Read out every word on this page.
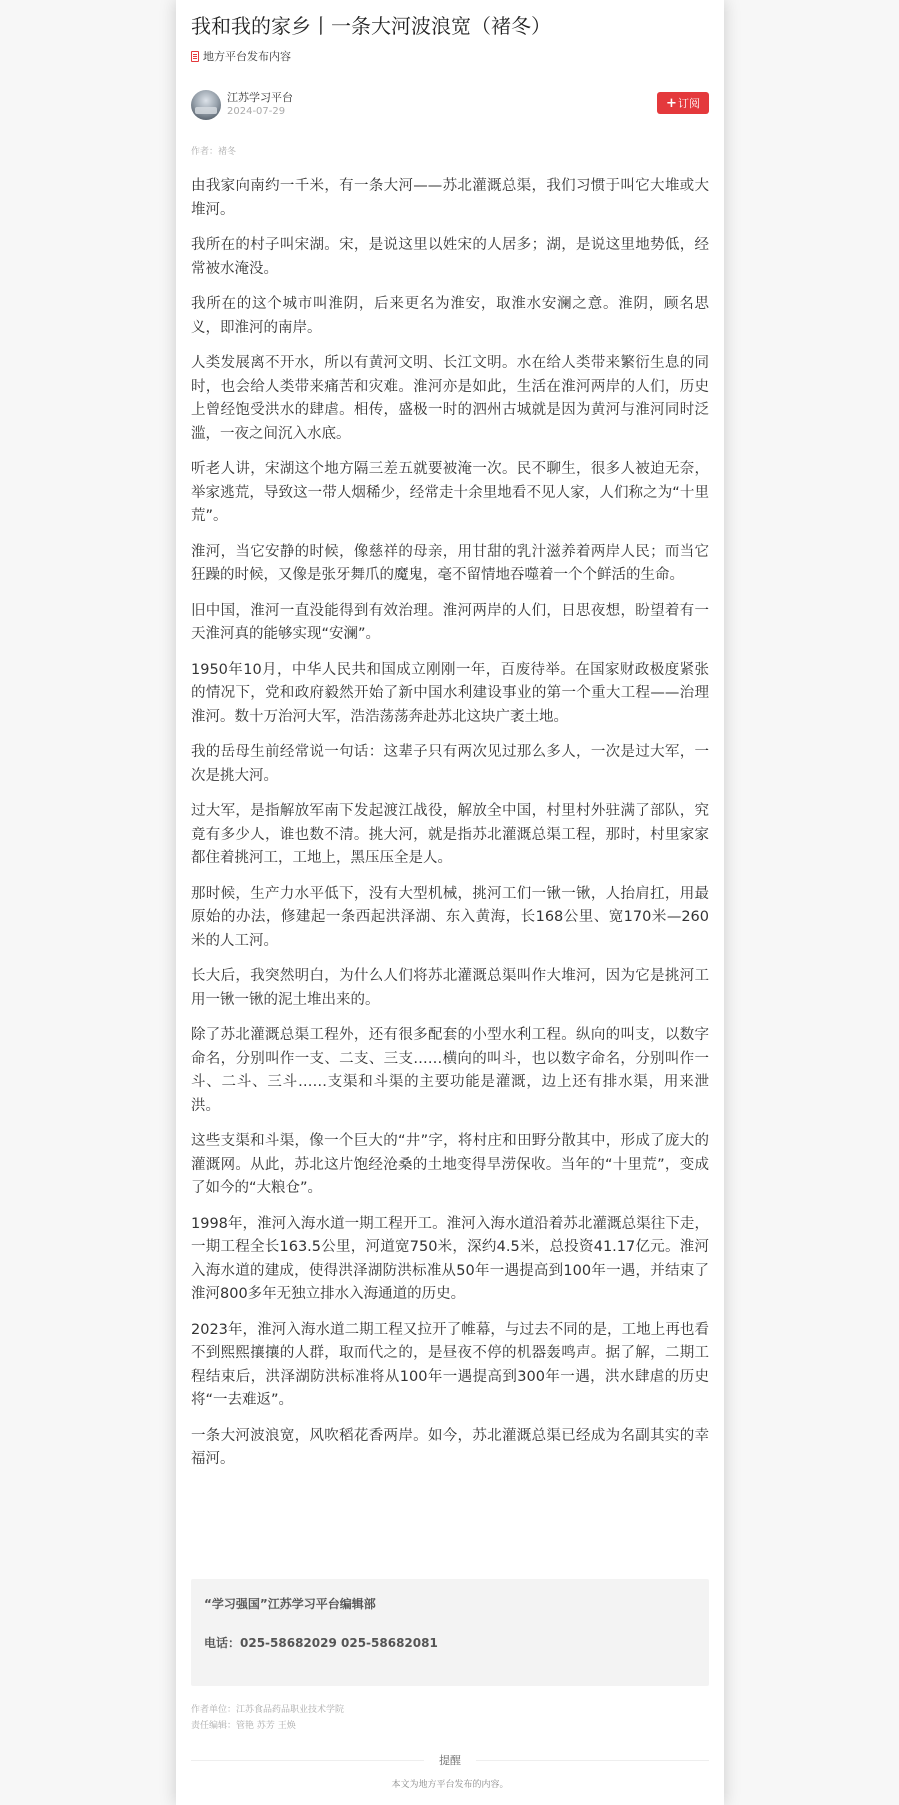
我和我的家乡丨一条大河波浪宽（褚冬）
地方平台发布内容
江苏学习平台
2024-07-29
+ 订阅
作者：褚冬

由我家向南约一千米，有一条大河——苏北灌溉总渠，我们习惯于叫它大堆或大堆河。

我所在的村子叫宋湖。宋，是说这里以姓宋的人居多；湖，是说这里地势低，经常被水淹没。

我所在的这个城市叫淮阴，后来更名为淮安，取淮水安澜之意。淮阴，顾名思义，即淮河的南岸。

人类发展离不开水，所以有黄河文明、长江文明。水在给人类带来繁衍生息的同时，也会给人类带来痛苦和灾难。淮河亦是如此，生活在淮河两岸的人们，历史上曾经饱受洪水的肆虐。相传，盛极一时的泗州古城就是因为黄河与淮河同时泛滥，一夜之间沉入水底。

听老人讲，宋湖这个地方隔三差五就要被淹一次。民不聊生，很多人被迫无奈，举家逃荒，导致这一带人烟稀少，经常走十余里地看不见人家，人们称之为“十里荒”。

淮河，当它安静的时候，像慈祥的母亲，用甘甜的乳汁滋养着两岸人民；而当它狂躁的时候，又像是张牙舞爪的魔鬼，毫不留情地吞噬着一个个鲜活的生命。

旧中国，淮河一直没能得到有效治理。淮河两岸的人们，日思夜想，盼望着有一天淮河真的能够实现“安澜”。

1950年10月，中华人民共和国成立刚刚一年，百废待举。在国家财政极度紧张的情况下，党和政府毅然开始了新中国水利建设事业的第一个重大工程——治理淮河。数十万治河大军，浩浩荡荡奔赴苏北这块广袤土地。

我的岳母生前经常说一句话：这辈子只有两次见过那么多人，一次是过大军，一次是挑大河。

过大军，是指解放军南下发起渡江战役，解放全中国，村里村外驻满了部队，究竟有多少人，谁也数不清。挑大河，就是指苏北灌溉总渠工程，那时，村里家家都住着挑河工，工地上，黑压压全是人。

那时候，生产力水平低下，没有大型机械，挑河工们一锹一锹，人抬肩扛，用最原始的办法，修建起一条西起洪泽湖、东入黄海，长168公里、宽170米—260米的人工河。

长大后，我突然明白，为什么人们将苏北灌溉总渠叫作大堆河，因为它是挑河工用一锹一锹的泥土堆出来的。

除了苏北灌溉总渠工程外，还有很多配套的小型水利工程。纵向的叫支，以数字命名，分别叫作一支、二支、三支……横向的叫斗，也以数字命名，分别叫作一斗、二斗、三斗……支渠和斗渠的主要功能是灌溉，边上还有排水渠，用来泄洪。

这些支渠和斗渠，像一个巨大的“井”字，将村庄和田野分散其中，形成了庞大的灌溉网。从此，苏北这片饱经沧桑的土地变得旱涝保收。当年的“十里荒”，变成了如今的“大粮仓”。

1998年，淮河入海水道一期工程开工。淮河入海水道沿着苏北灌溉总渠往下走，一期工程全长163.5公里，河道宽750米，深约4.5米，总投资41.17亿元。淮河入海水道的建成，使得洪泽湖防洪标准从50年一遇提高到100年一遇，并结束了淮河800多年无独立排水入海通道的历史。

2023年，淮河入海水道二期工程又拉开了帷幕，与过去不同的是，工地上再也看不到熙熙攘攘的人群，取而代之的，是昼夜不停的机器轰鸣声。据了解，二期工程结束后，洪泽湖防洪标准将从100年一遇提高到300年一遇，洪水肆虐的历史将“一去难返”。

一条大河波浪宽，风吹稻花香两岸。如今，苏北灌溉总渠已经成为名副其实的幸福河。

“学习强国”江苏学习平台编辑部
电话：025-58682029 025-58682081
作者单位：江苏食品药品职业技术学院
责任编辑：管艳 苏芳 王焕
提醒
本文为地方平台发布的内容。
